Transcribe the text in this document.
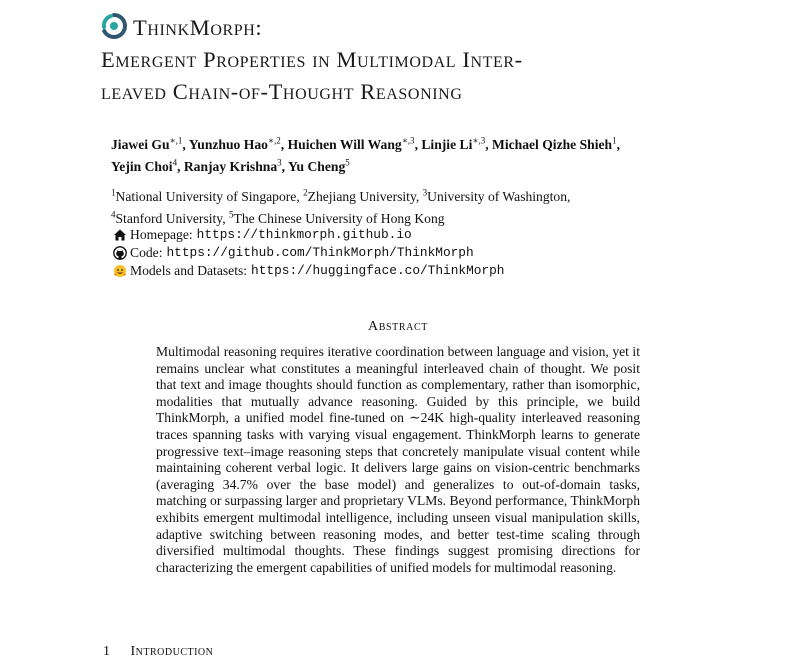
ThinkMorph:
Emergent Properties in Multimodal Inter-
leaved Chain-of-Thought Reasoning
Jiawei $Gu^{∗,1}$, Yunzhuo Hao$^{∗,2}$, Huichen Will Wang$^{∗,3}$, Linjie $Li^{∗,3}$, Michael Qizhe Shieh$^1$,
Yejin Choi$^4$, Ranjay Krishna$^3$, Yu Cheng$^5$
$^1$National University of Singapore, $^2$Zhejiang University, $^3$University of Washington,
$^4$Stanford University, $^5$The Chinese University of Hong Kong
Homepage: https://thinkmorph.github.io
Code: https://github.com/ThinkMorph/ThinkMorph
Models and Datasets: https://huggingface.co/ThinkMorph
Abstract
Multimodal reasoning requires iterative coordination between language and vision, yet it remains unclear what constitutes a meaningful interleaved chain of thought. We posit that text and image thoughts should function as complementary, rather than isomorphic, modalities that mutually advance reasoning. Guided by this principle, we build ThinkMorph, a unified model fine-tuned on ∼24K high-quality interleaved reasoning traces spanning tasks with varying visual engagement. ThinkMorph learns to generate progressive text–image reasoning steps that concretely manipulate visual content while maintaining coherent verbal logic. It delivers large gains on vision-centric benchmarks (averaging 34.7% over the base model) and generalizes to out-of-domain tasks, matching or surpassing larger and proprietary VLMs. Beyond performance, ThinkMorph exhibits emergent multimodal intelligence, including unseen visual manipulation skills, adaptive switching between reasoning modes, and better test-time scaling through diversified multimodal thoughts. These findings suggest promising directions for characterizing the emergent capabilities of unified models for multimodal reasoning.
1 Introduction
